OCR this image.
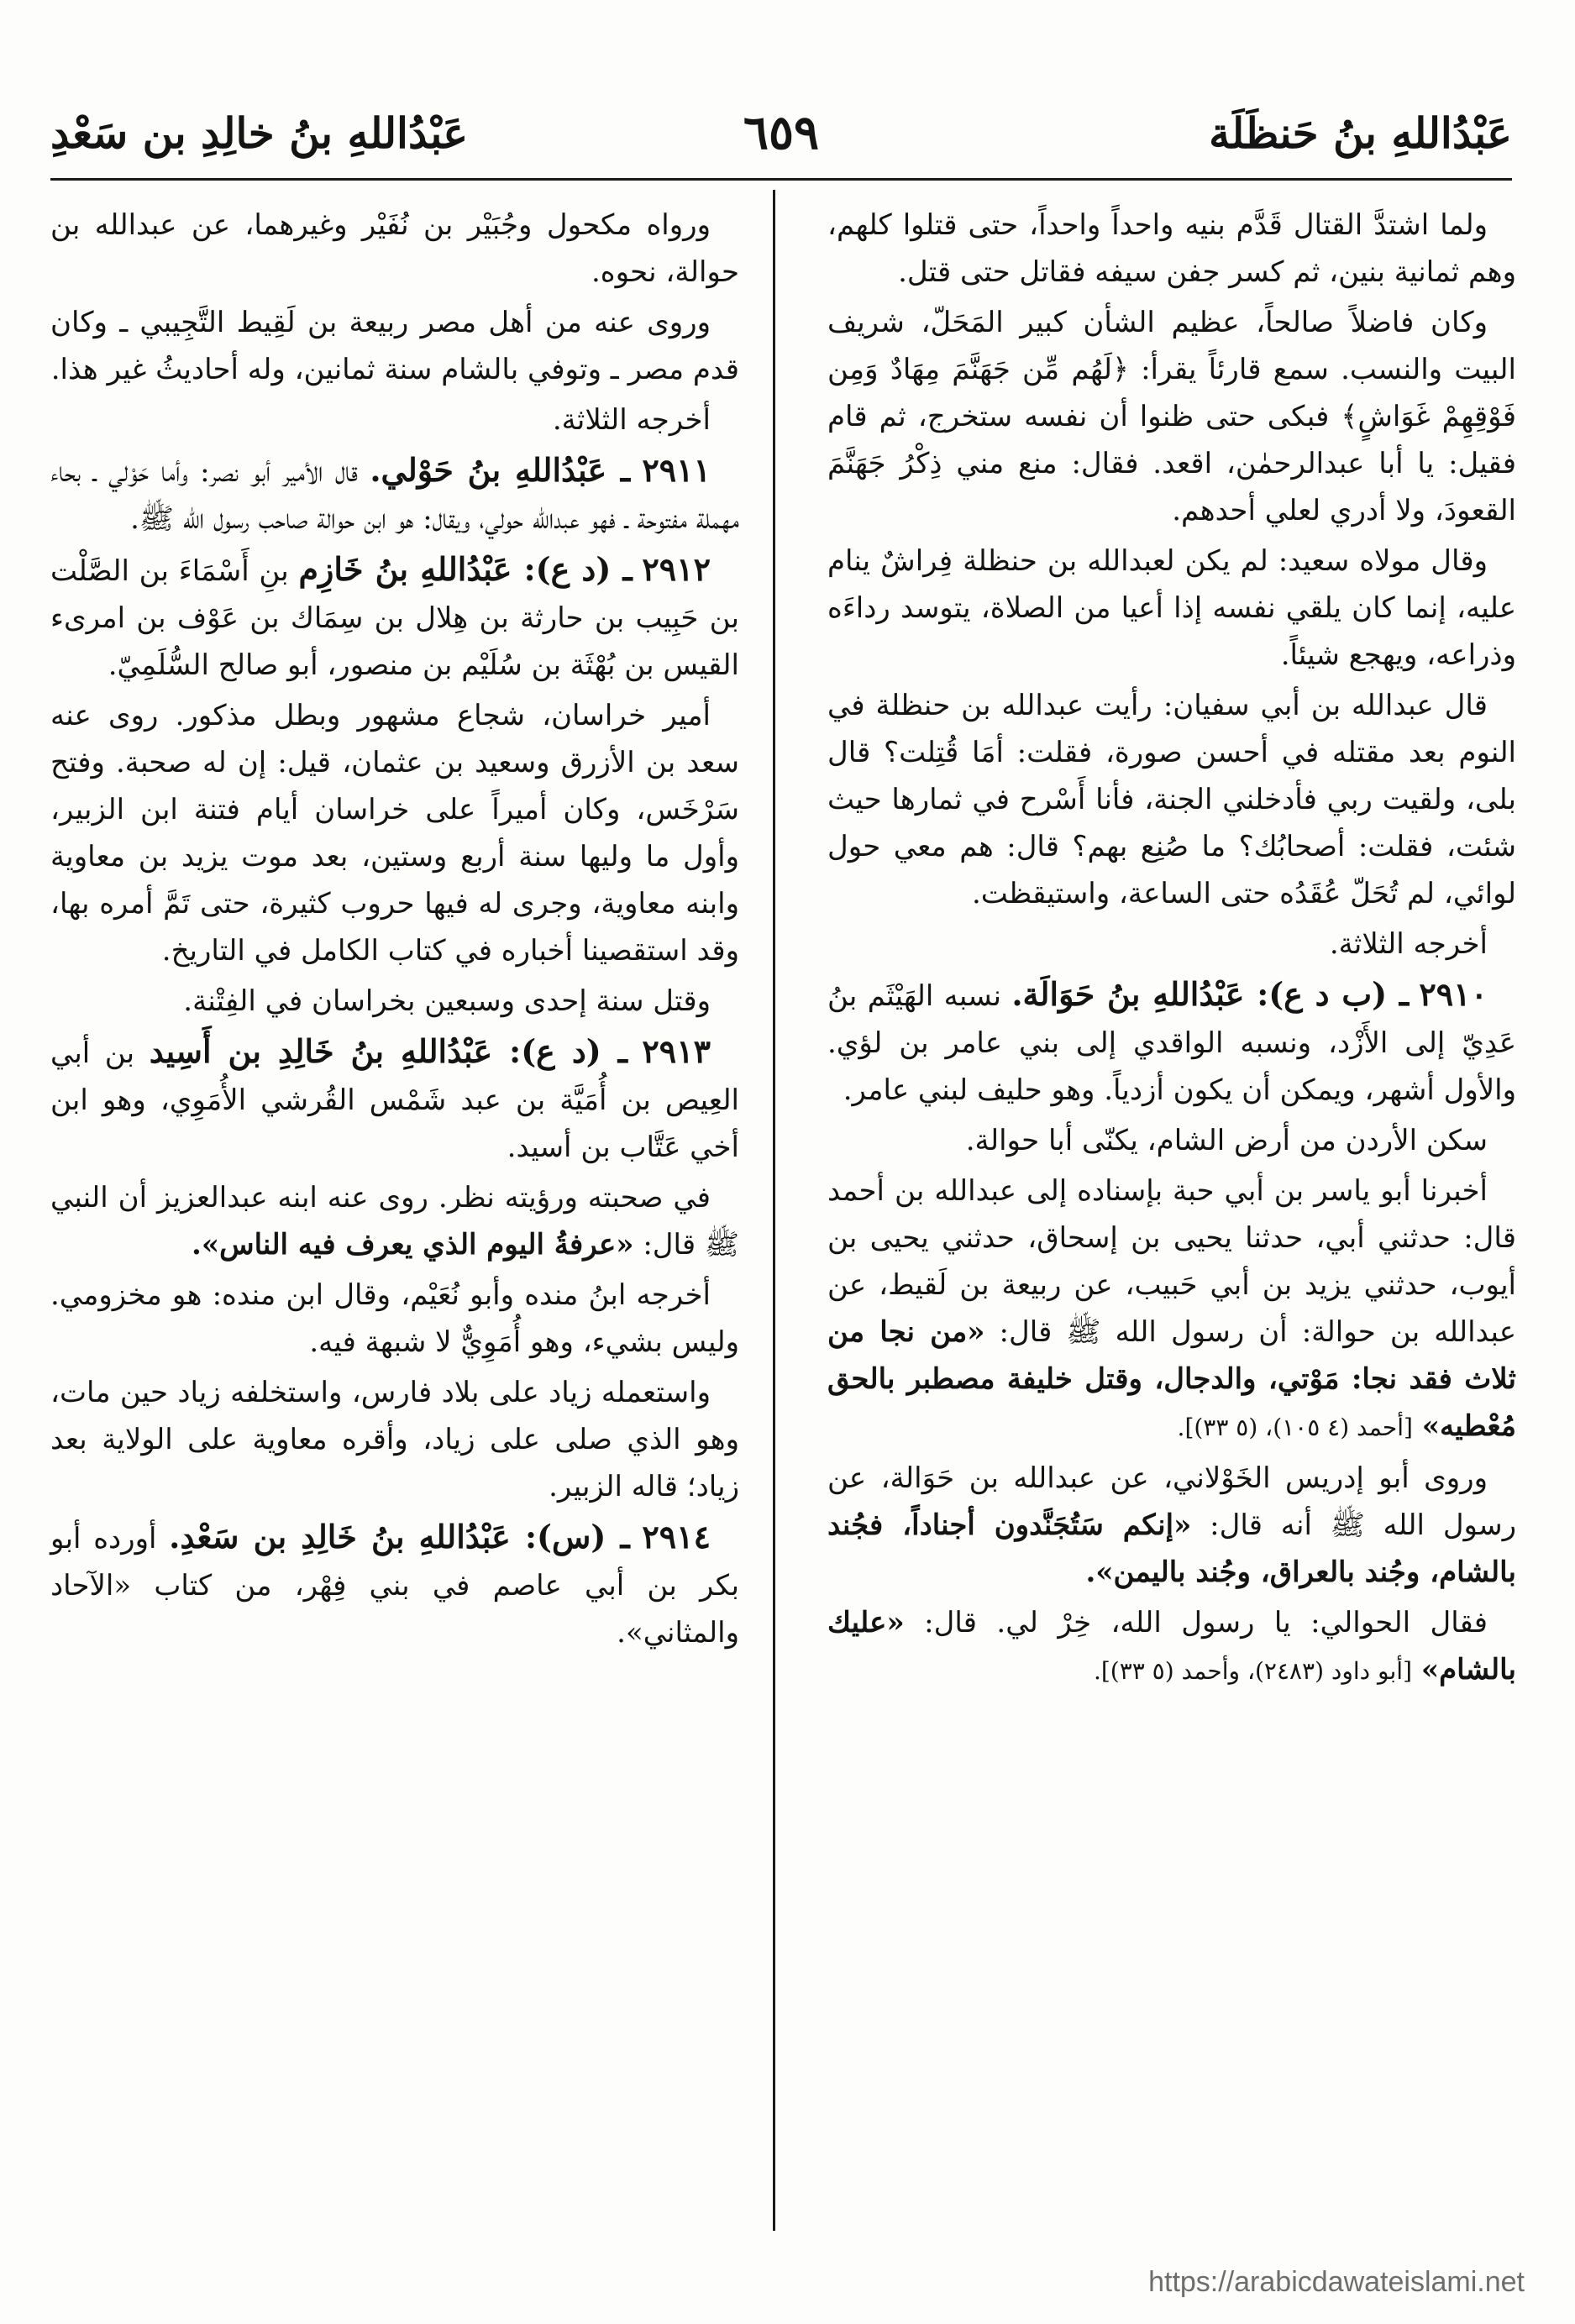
عَبْدُاللهِ بنُ حَنظَلَة
٦٥٩
عَبْدُاللهِ بنُ خالِدِ بن سَعْدِ

ولما اشتدَّ القتال قَدَّم بنيه واحداً واحداً، حتى قتلوا كلهم، وهم ثمانية بنين، ثم كسر جفن سيفه فقاتل حتى قتل.

وكان فاضلاً صالحاً، عظيم الشأن كبير المَحَلّ، شريف البيت والنسب. سمع قارئاً يقرأ: ﴿لَهُم مِّن جَهَنَّمَ مِهَادٌ وَمِن فَوْقِهِمْ غَوَاشٍ﴾ فبكى حتى ظنوا أن نفسه ستخرج، ثم قام فقيل: يا أبا عبدالرحمٰن، اقعد. فقال: منع مني ذِكْرُ جَهَنَّمَ القعودَ، ولا أدري لعلي أحدهم.

وقال مولاه سعيد: لم يكن لعبدالله بن حنظلة فِراشٌ ينام عليه، إنما كان يلقي نفسه إذا أعيا من الصلاة، يتوسد رداءَه وذراعه، ويهجع شيئاً.

قال عبدالله بن أبي سفيان: رأيت عبدالله بن حنظلة في النوم بعد مقتله في أحسن صورة، فقلت: أمَا قُتِلت؟ قال بلى، ولقيت ربي فأدخلني الجنة، فأنا أَسْرح في ثمارها حيث شئت، فقلت: أصحابُك؟ ما صُنِع بهم؟ قال: هم معي حول لوائي، لم تُحَلّ عُقَدُه حتى الساعة، واستيقظت.

أخرجه الثلاثة.

٢٩١٠ ـ (ب د ع): عَبْدُاللهِ بنُ حَوَالَة. نسبه الهَيْثَم بنُ عَدِيّ إلى الأَزْد، ونسبه الواقدي إلى بني عامر بن لؤي. والأول أشهر، ويمكن أن يكون أزدياً. وهو حليف لبني عامر.

سكن الأردن من أرض الشام، يكنّى أبا حوالة.

أخبرنا أبو ياسر بن أبي حبة بإسناده إلى عبدالله بن أحمد قال: حدثني أبي، حدثنا يحيى بن إسحاق، حدثني يحيى بن أيوب، حدثني يزيد بن أبي حَبيب، عن ربيعة بن لَقيط، عن عبدالله بن حوالة: أن رسول الله ﷺ قال: «من نجا من ثلاث فقد نجا: مَوْتي، والدجال، وقتل خليفة مصطبر بالحق مُعْطيه» [أحمد (٤ ١٠٥)، (٥ ٣٣)].

وروى أبو إدريس الخَوْلاني، عن عبدالله بن حَوَالة، عن رسول الله ﷺ أنه قال: «إنكم سَتُجَنَّدون أجناداً، فجُند بالشام، وجُند بالعراق، وجُند باليمن».

فقال الحوالي: يا رسول الله، خِرْ لي. قال: «عليك بالشام» [أبو داود (٢٤٨٣)، وأحمد (٥ ٣٣)].

ورواه مكحول وجُبَيْر بن نُفَيْر وغيرهما، عن عبدالله بن حوالة، نحوه.

وروى عنه من أهل مصر ربيعة بن لَقِيط التَّجِيبي ـ وكان قدم مصر ـ وتوفي بالشام سنة ثمانين، وله أحاديثُ غير هذا.

أخرجه الثلاثة.

٢٩١١ ـ عَبْدُاللهِ بنُ حَوْلي. قال الأمير أبو نصر: وأما حَوْلي ـ بحاء مهملة مفتوحة ـ فهو عبدالله حولي، ويقال: هو ابن حوالة صاحب رسول الله ﷺ.

٢٩١٢ ـ (د ع): عَبْدُاللهِ بنُ خَازِم بنِ أَسْمَاءَ بن الصَّلْت بن حَبِيب بن حارثة بن هِلال بن سِمَاك بن عَوْف بن امرىء القيس بن بُهْثَة بن سُلَيْم بن منصور، أبو صالح السُّلَمِيّ.

أمير خراسان، شجاع مشهور وبطل مذكور. روى عنه سعد بن الأزرق وسعيد بن عثمان، قيل: إن له صحبة. وفتح سَرْخَس، وكان أميراً على خراسان أيام فتنة ابن الزبير، وأول ما وليها سنة أربع وستين، بعد موت يزيد بن معاوية وابنه معاوية، وجرى له فيها حروب كثيرة، حتى تَمَّ أمره بها، وقد استقصينا أخباره في كتاب الكامل في التاريخ.

وقتل سنة إحدى وسبعين بخراسان في الفِتْنة.

٢٩١٣ ـ (د ع): عَبْدُاللهِ بنُ خَالِدِ بن أَسِيد بن أبي العِيص بن أُمَيَّة بن عبد شَمْس القُرشي الأُمَوِي، وهو ابن أخي عَتَّاب بن أسيد.

في صحبته ورؤيته نظر. روى عنه ابنه عبدالعزيز أن النبي ﷺ قال: «عرفةُ اليوم الذي يعرف فيه الناس».

أخرجه ابنُ منده وأبو نُعَيْم، وقال ابن منده: هو مخزومي. وليس بشيء، وهو أُمَوِيٌّ لا شبهة فيه.

واستعمله زياد على بلاد فارس، واستخلفه زياد حين مات، وهو الذي صلى على زياد، وأقره معاوية على الولاية بعد زياد؛ قاله الزبير.

٢٩١٤ ـ (س): عَبْدُاللهِ بنُ خَالِدِ بن سَعْدِ. أورده أبو بكر بن أبي عاصم في بني فِهْر، من كتاب «الآحاد والمثاني».

https://arabicdawateislami.net
